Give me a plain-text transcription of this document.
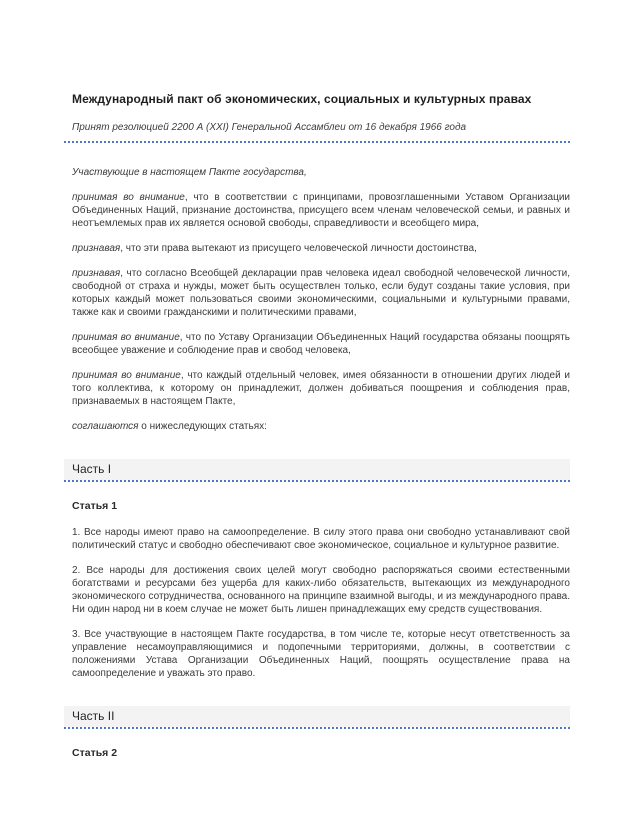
Международный пакт об экономических, социальных и культурных правах

Принят резолюцией 2200 А (XXI) Генеральной Ассамблеи от 16 декабря 1966 года

Участвующие в настоящем Пакте государства,

принимая во внимание, что в соответствии с принципами, провозглашенными Уставом Организации Объединенных Наций, признание достоинства, присущего всем членам человеческой семьи, и равных и неотъемлемых прав их является основой свободы, справедливости и всеобщего мира,

признавая, что эти права вытекают из присущего человеческой личности достоинства,

признавая, что согласно Всеобщей декларации прав человека идеал свободной человеческой личности, свободной от страха и нужды, может быть осуществлен только, если будут созданы такие условия, при которых каждый может пользоваться своими экономическими, социальными и культурными правами, также как и своими гражданскими и политическими правами,

принимая во внимание, что по Уставу Организации Объединенных Наций государства обязаны поощрять всеобщее уважение и соблюдение прав и свобод человека,

принимая во внимание, что каждый отдельный человек, имея обязанности в отношении других людей и того коллектива, к которому он принадлежит, должен добиваться поощрения и соблюдения прав, признаваемых в настоящем Пакте,

соглашаются о нижеследующих статьях:

Часть I
Статья 1

1. Все народы имеют право на самоопределение. В силу этого права они свободно устанавливают свой политический статус и свободно обеспечивают свое экономическое, социальное и культурное развитие.

2. Все народы для достижения своих целей могут свободно распоряжаться своими естественными богатствами и ресурсами без ущерба для каких-либо обязательств, вытекающих из международного экономического сотрудничества, основанного на принципе взаимной выгоды, и из международного права. Ни один народ ни в коем случае не может быть лишен принадлежащих ему средств существования.

3. Все участвующие в настоящем Пакте государства, в том числе те, которые несут ответственность за управление несамоуправляющимися и подопечными территориями, должны, в соответствии с положениями Устава Организации Объединенных Наций, поощрять осуществление права на самоопределение и уважать это право.

Часть II
Статья 2
